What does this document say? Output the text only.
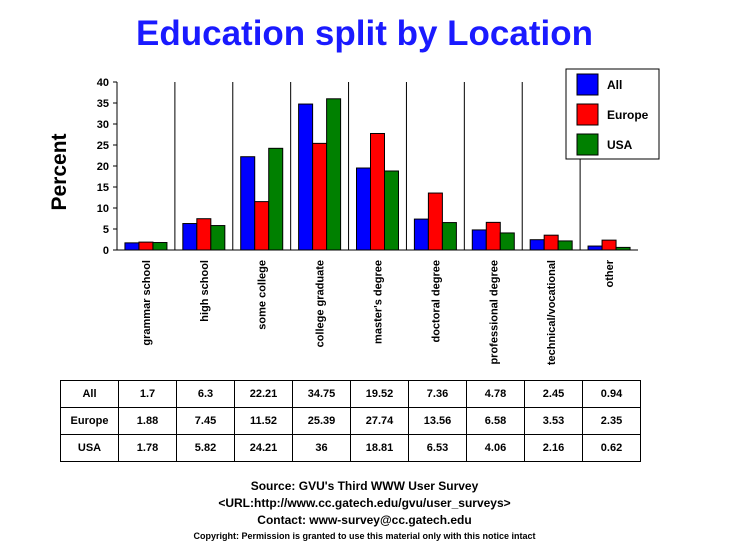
Education split by Location
Percent
0
5
10
15
20
25
30
35
40
grammar school	high school	some college	college graduate	master's degree	doctoral degree	professional degree	technical/vocational	other
All
Europe
USA
All	1.7	6.3	22.21	34.75	19.52	7.36	4.78	2.45	0.94
Europe	1.88	7.45	11.52	25.39	27.74	13.56	6.58	3.53	2.35
USA	1.78	5.82	24.21	36	18.81	6.53	4.06	2.16	0.62
Source: GVU's Third WWW User Survey
<URL:http://www.cc.gatech.edu/gvu/user_surveys>
Contact: www-survey@cc.gatech.edu
Copyright: Permission is granted to use this material only with this notice intact
